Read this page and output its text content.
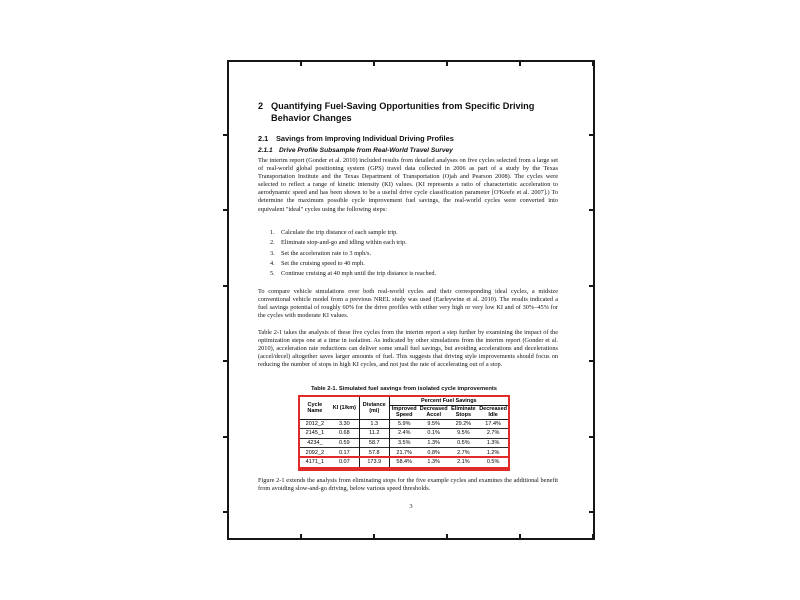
2 Quantifying Fuel-Saving Opportunities from Specific Driving
Behavior Changes
2.1	Savings from Improving Individual Driving Profiles
2.1.1 Drive Profile Subsample from Real-World Travel Survey
The interim report (Gonder et al. 2010) included results from detailed analyses on five cycles selected from a large set of real-world global positioning system (GPS) travel data collected in 2006 as part of a study by the Texas Transportation Institute and the Texas Department of Transportation (Ojah and Pearson 2008). The cycles were selected to reflect a range of kinetic intensity (KI) values. (KI represents a ratio of characteristic acceleration to aerodynamic speed and has been shown to be a useful drive cycle classification parameter [O'Keefe et al. 2007].) To determine the maximum possible cycle improvement fuel savings, the real-world cycles were converted into equivalent "ideal" cycles using the following steps:
1. Calculate the trip distance of each sample trip.
2. Eliminate stop-and-go and idling within each trip.
3. Set the acceleration rate to 3 mph/s.
4. Set the cruising speed to 40 mph.
5. Continue cruising at 40 mph until the trip distance is reached.
To compare vehicle simulations over both real-world cycles and their corresponding ideal cycles, a midsize conventional vehicle model from a previous NREL study was used (Earleywine et al. 2010). The results indicated a fuel savings potential of roughly 60% for the drive profiles with either very high or very low KI and of 30%–45% for the cycles with moderate KI values.
Table 2-1 takes the analysis of these five cycles from the interim report a step further by examining the impact of the optimization steps one at a time in isolation. As indicated by other simulations from the interim report (Gonder et al. 2010), acceleration rate reductions can deliver some small fuel savings, but avoiding accelerations and decelerations (accel/decel) altogether saves larger amounts of fuel. This suggests that driving style improvements should focus on reducing the number of stops in high KI cycles, and not just the rate of accelerating out of a stop.
Table 2-1. Simulated fuel savings from isolated cycle improvements
Cycle Name	KI (1/km)	Distance (mi)	Percent Fuel Savings			
			Improved Speed	Decreased Accel	Eliminate Stops	Decreased Idle
2012_2	3.30	1.3	5.9%	9.5%	29.2%	17.4%
2145_1	0.68	11.2	2.4%	0.1%	9.5%	2.7%
4234_	0.59	58.7	3.5%	1.3%	0.5%	1.3%
2092_2	0.17	57.8	21.7%	0.8%	2.7%	1.2%
4171_1	0.07	173.9	58.4%	1.3%	2.1%	0.5%
Figure 2-1 extends the analysis from eliminating stops for the five example cycles and examines the additional benefit from avoiding slow-and-go driving, below various speed thresholds.
3
